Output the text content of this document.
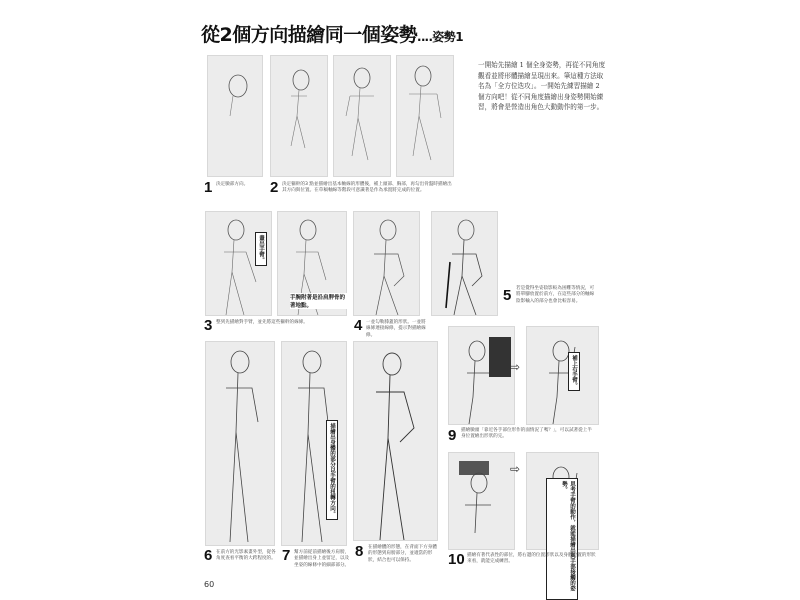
從2個方向描繪同一個姿勢‥‥姿勢1
一開始先描繪 1 個全身姿勢，再從不同角度觀看並將形體描繪呈現出來。筆這種方法取名為「全方位迭攻」。一開始先練習描繪 2 個方向吧！從不同角度描繪出身姿勢開始練習，將會是營造出角色大動動作的第一步。
1 決定臉部方向。	2 決定軀幹的3 點並描繪出基本軸線的形體後，補上頭部、胸部，再勾出骨盤時描繪出其方向與位置。在草稿軸線等階段可意識著是作為承置將完成的位置。
畫出手臂。
手腕附著是沿肩胛骨的著地點。
3 整到先描繪對手臂，並先將這些軀幹的線條。	4 一並勾勒膝蓋的形狀。一並將線條連接線條，提示對描繪線條。
5 若是覺得坐姿陰影較為困難等情況，可將單腳放置於前方，在這些部分的軸線陰影輸入的部分也會比較容易。
描繪出身體的部分以手臂的扭轉方向。
6 在前方的光影素畫外型，從各角度查看平衡的大跨程度的。 7 幫方前從前描繪後方肩膀，並描繪出身上並留足，以及坐姿的線條中的細部部分。
8 在描繪體的形態，在背面下方身體的形態到肩膀部分，並適當的形狀，結合也可以保持。
⇨	補上右手臂。
9 描繪臉頭「靠近各手部位形作的面情況了嗎？」，可以試著從上半身位置繪出形狀的完。
⇨
思考手臂的動作，就能描繪出與手部接觸的姿勢。
10 描繪有著代表性的部位，將右邊的位置形狀以及身體位置的形狀來看，就能完成練習。
60
